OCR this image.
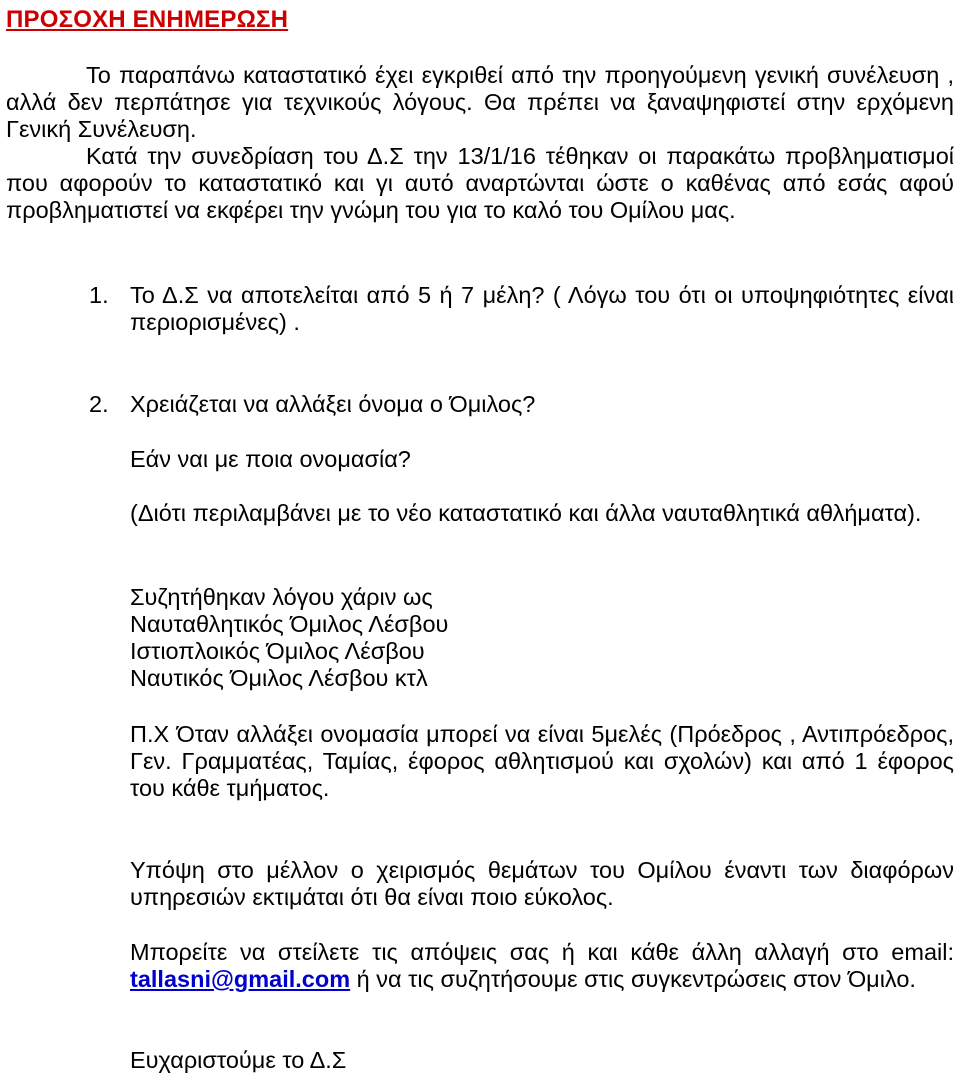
ΠΡΟΣΟΧΗ ΕΝΗΜΕΡΩΣΗ

Το παραπάνω καταστατικό έχει εγκριθεί από την προηγούμενη γενική συνέλευση , αλλά δεν περπάτησε για τεχνικούς λόγους. Θα πρέπει να ξαναψηφιστεί στην ερχόμενη Γενική Συνέλευση.

Κατά την συνεδρίαση του Δ.Σ την 13/1/16 τέθηκαν οι παρακάτω προβληματισμοί που αφορούν το καταστατικό και γι αυτό αναρτώνται ώστε ο καθένας από εσάς αφού προβληματιστεί να εκφέρει την γνώμη του για το καλό του Ομίλου μας.

1. Το Δ.Σ να αποτελείται από 5 ή 7 μέλη? ( Λόγω του ότι οι υποψηφιότητες είναι περιορισμένες) .

2. Χρειάζεται να αλλάξει όνομα ο Όμιλος?

Εάν ναι με ποια ονομασία?

(Διότι περιλαμβάνει με το νέο καταστατικό και άλλα ναυταθλητικά αθλήματα).

Συζητήθηκαν λόγου χάριν ως
Ναυταθλητικός Όμιλος Λέσβου
Ιστιοπλοικός Όμιλος Λέσβου
Ναυτικός Όμιλος Λέσβου κτλ

Π.Χ Όταν αλλάξει ονομασία μπορεί να είναι 5μελές (Πρόεδρος , Αντιπρόεδρος, Γεν. Γραμματέας, Ταμίας, έφορος αθλητισμού και σχολών) και από 1 έφορος του κάθε τμήματος.

Υπόψη στο μέλλον ο χειρισμός θεμάτων του Ομίλου έναντι των διαφόρων υπηρεσιών εκτιμάται ότι θα είναι ποιο εύκολος.

Μπορείτε να στείλετε τις απόψεις σας ή και κάθε άλλη αλλαγή στο email: tallasni@gmail.com ή να τις συζητήσουμε στις συγκεντρώσεις στον Όμιλο.

Ευχαριστούμε το Δ.Σ
